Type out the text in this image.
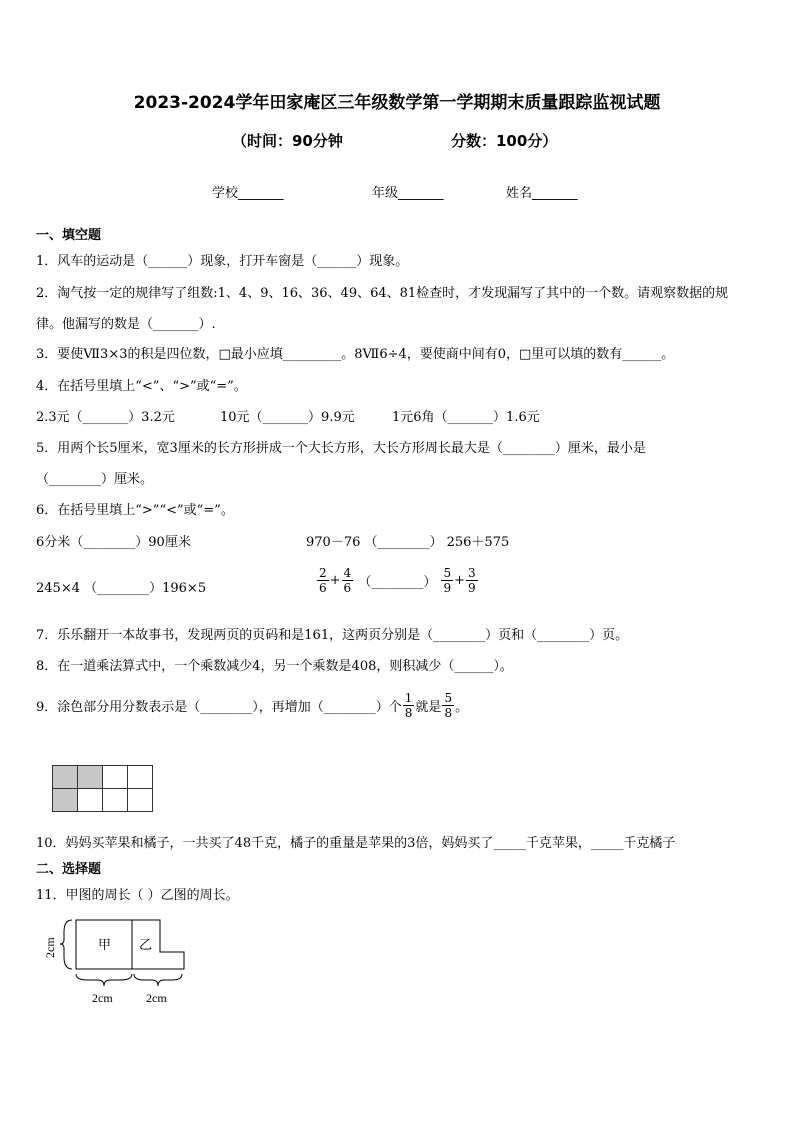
2023-2024学年田家庵区三年级数学第一学期期末质量跟踪监视试题
（时间：90分钟	分数：100分）
学校_______	年级_______	姓名_______
一、填空题
1．风车的运动是（______）现象，打开车窗是（______）现象。
2．淘气按一定的规律写了组数:1、4、9、16、36、49、64、81检查时，才发现漏写了其中的一个数。请观察数据的规
律。他漏写的数是（_______）.
3．要使Ⅶ3×3的积是四位数，□最小应填_________。8Ⅶ6÷4，要使商中间有0，□里可以填的数有______。
4．在括号里填上“<”、“>”或“=”。
2.3元（_______）3.2元	10元（_______）9.9元	1元6角（_______）1.6元
5．用两个长5厘米，宽3厘米的长方形拼成一个大长方形，大长方形周长最大是（________）厘米，最小是
（________）厘米。
6．在括号里填上“>”“<”或“=”。
6分米（________）90厘米	970－76 （________） 256＋575
245×4 （________）196×5	$\frac{2}{6} + \frac{4}{6}$ （________） $\frac{5}{9} + \frac{3}{9}$
7．乐乐翻开一本故事书，发现两页的页码和是161，这两页分别是（________）页和（________）页。
8．在一道乘法算式中，一个乘数减少4，另一个乘数是408，则积减少（______）。
9．涂色部分用分数表示是（________），再增加（________）个 $\frac{1}{8}$ 就是 $\frac{5}{8}$ 。

10．妈妈买苹果和橘子，一共买了48千克，橘子的重量是苹果的3倍，妈妈买了_____千克苹果，_____千克橘子
二、选择题
11．甲图的周长（ ）乙图的周长。
甲 乙
2cm
2cm	2cm
